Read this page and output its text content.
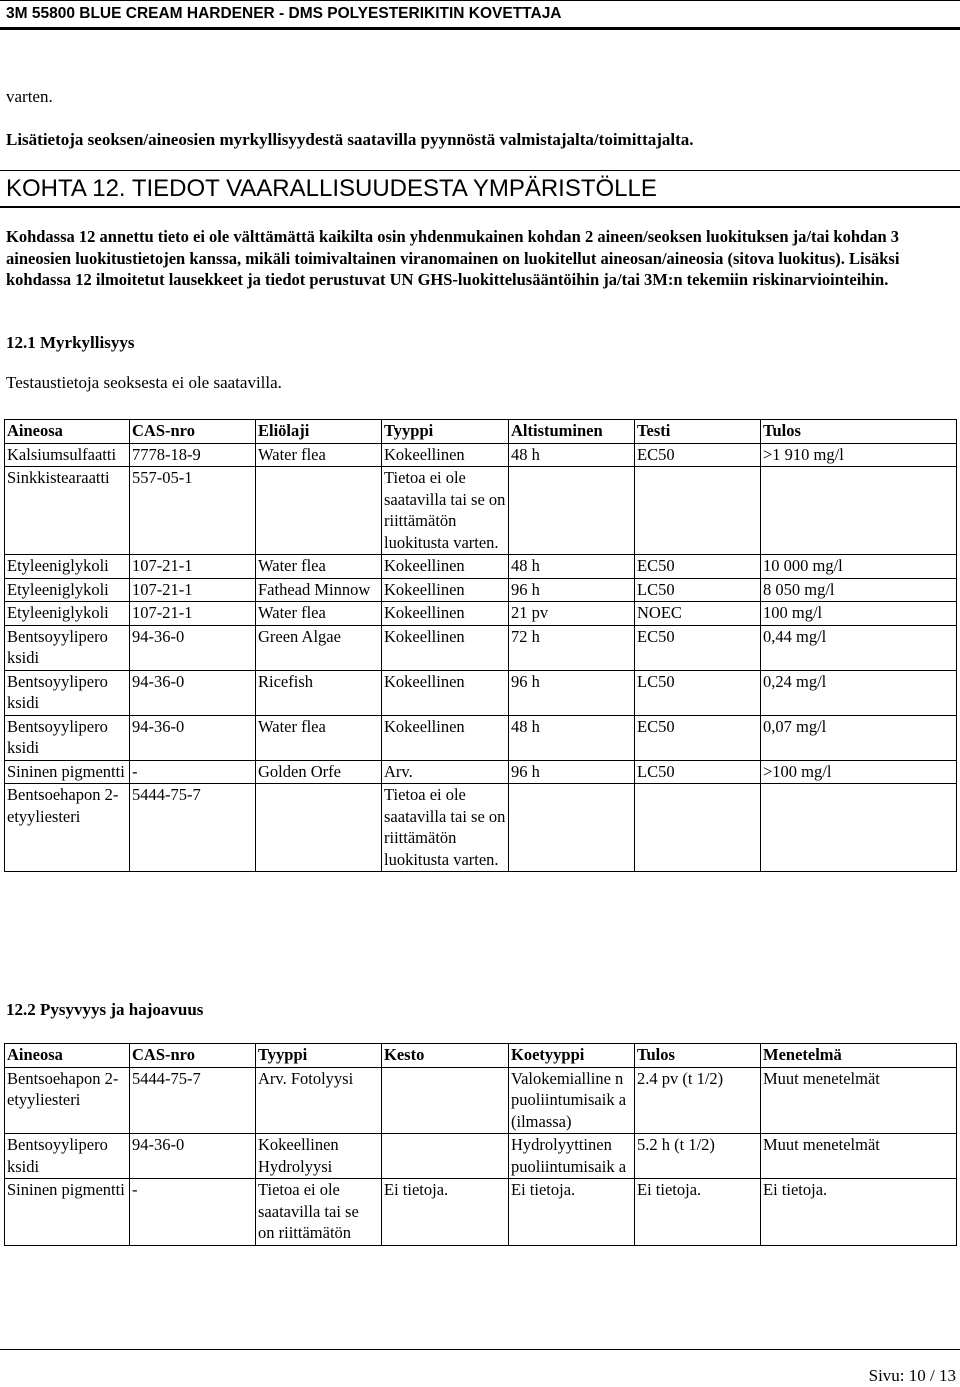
3M 55800 BLUE CREAM HARDENER - DMS POLYESTERIKITIN KOVETTAJA
varten.
Lisätietoja seoksen/aineosien myrkyllisyydestä saatavilla pyynnöstä valmistajalta/toimittajalta.
KOHTA 12. TIEDOT VAARALLISUUDESTA YMPÄRISTÖLLE

Kohdassa 12 annettu tieto ei ole välttämättä kaikilta osin yhdenmukainen kohdan 2 aineen/seoksen luokituksen ja/tai kohdan 3 aineosien luokitustietojen kanssa, mikäli toimivaltainen viranomainen on luokitellut aineosan/aineosia (sitova luokitus). Lisäksi kohdassa 12 ilmoitetut lausekkeet ja tiedot perustuvat UN GHS-luokittelusääntöihin ja/tai 3M:n tekemiin riskinarviointeihin.

12.1 Myrkyllisyys
Testaustietoja seoksesta ei ole saatavilla.
Aineosa	CAS-nro	Eliölaji	Tyyppi	Altistuminen	Testi	Tulos
Kalsiumsulfaatti	7778-18-9	Water flea	Kokeellinen	48 h	EC50	>1 910 mg/l
Sinkkistearaatti	557-05-1		Tietoa ei ole saatavilla tai se on riittämätön luokitusta varten.			
Etyleeniglykoli	107-21-1	Water flea	Kokeellinen	48 h	EC50	10 000 mg/l
Etyleeniglykoli	107-21-1	Fathead Minnow	Kokeellinen	96 h	LC50	8 050 mg/l
Etyleeniglykoli	107-21-1	Water flea	Kokeellinen	21 pv	NOEC	100 mg/l
Bentsoyylipero ksidi	94-36-0	Green Algae	Kokeellinen	72 h	EC50	0,44 mg/l
Bentsoyylipero ksidi	94-36-0	Ricefish	Kokeellinen	96 h	LC50	0,24 mg/l
Bentsoyylipero ksidi	94-36-0	Water flea	Kokeellinen	48 h	EC50	0,07 mg/l
Sininen pigmentti	-	Golden Orfe	Arv.	96 h	LC50	>100 mg/l
Bentsoehapon 2-etyyliesteri	5444-75-7		Tietoa ei ole saatavilla tai se on riittämätön luokitusta varten.			
12.2 Pysyvyys ja hajoavuus
Aineosa	CAS-nro	Tyyppi	Kesto	Koetyyppi	Tulos	Menetelmä
Bentsoehapon 2-etyyliesteri	5444-75-7	Arv. Fotolyysi		Valokemialline n puoliintumisaik a (ilmassa)	2.4 pv (t 1/2)	Muut menetelmät
Bentsoyylipero ksidi	94-36-0	Kokeellinen Hydrolyysi		Hydrolyyttinen puoliintumisaik a	5.2 h (t 1/2)	Muut menetelmät
Sininen pigmentti	-	Tietoa ei ole saatavilla tai se on riittämätön	Ei tietoja.	Ei tietoja.	Ei tietoja.	Ei tietoja.
Sivu: 10 / 13
